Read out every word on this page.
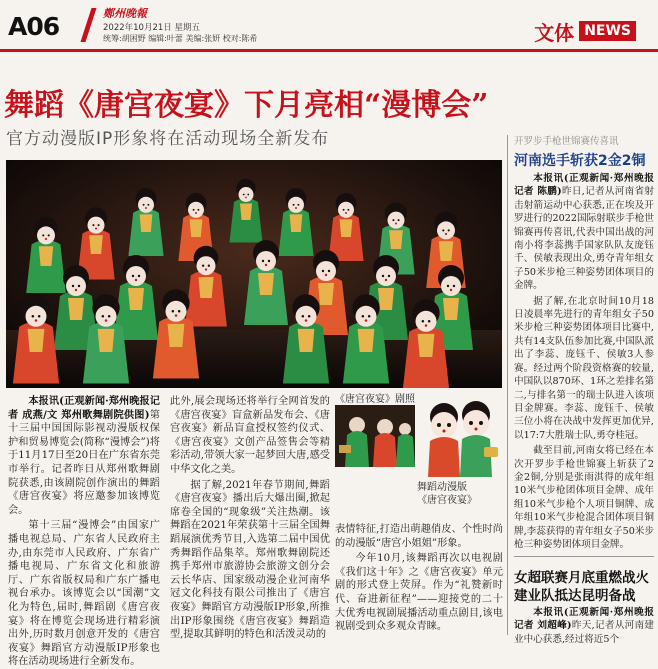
A06	鄭州晚報
2022年10月21日 星期五
统筹:胡困野 编辑:叶蕾 美编:张妍 校对:陈希	文体 NEWS
舞蹈《唐宫夜宴》下月亮相“漫博会”
官方动漫版IP形象将在活动现场全新发布

本报讯(正观新闻·郑州晚报记者 成燕/文 郑州歌舞剧院供图)第十三届中国国际影视动漫版权保护和贸易博览会(简称“漫博会”)将于11月17日至20日在广东省东莞市举行。记者昨日从郑州歌舞剧院获悉,由该剧院创作演出的舞蹈《唐宫夜宴》将应邀参加该博览会。

第十三届“漫博会”由国家广播电视总局、广东省人民政府主办,由东莞市人民政府、广东省广播电视局、广东省文化和旅游厅、广东省版权局和广东广播电视台承办。该博览会以“国潮”文化为特色,届时,舞蹈剧《唐宫夜宴》将在博览会现场进行精彩演出外,历时数月创意开发的《唐宫夜宴》舞蹈官方动漫版IP形象也将在活动现场进行全新发布。

此外,展会现场还将举行全网首发的《唐宫夜宴》盲盒新品发布会、《唐宫夜宴》新品盲盒授权签约仪式、《唐宫夜宴》文创产品签售会等精彩活动,带领大家一起梦回大唐,感受中华文化之美。

据了解,2021年春节期间,舞蹈《唐宫夜宴》播出后大爆出圈,掀起席卷全国的“现象级”关注热潮。该舞蹈在2021年荣获第十三届全国舞蹈展演优秀节目,入选第二届中国优秀舞蹈作品集萃。郑州歌舞剧院还携手郑州市旅游协会旅游文创分会云长华店、国家级动漫企业河南华冠文化科技有限公司推出了《唐宫夜宴》舞蹈官方动漫版IP形象,所推出IP形象围绕《唐宫夜宴》舞蹈造型,提取其鲜明的特色和活泼灵动的

《唐宫夜宴》剧照
舞蹈动漫版
《唐宫夜宴》

表情特征,打造出萌趣俏皮、个性时尚的动漫版“唐宫小姐姐”形象。

今年10月,该舞蹈再次以电视剧《我们这十年》之《唐宫夜宴》单元剧的形式登上荧屏。作为“礼赞新时代、奋进新征程”——迎接党的二十大优秀电视剧展播活动重点剧目,该电视剧受到众多观众青睐。

开罗步手枪世锦赛传喜讯
河南选手斩获2金2铜

本报讯(正观新闻·郑州晚报记者 陈鹏)昨日,记者从河南省射击射箭运动中心获悉,正在埃及开罗进行的2022国际射联步手枪世锦赛再传喜讯,代表中国出战的河南小将李蕊携手国家队队友庞钰千、侯敏表现出众,勇夺青年组女子50米步枪三种姿势团体项目的金牌。

据了解,在北京时间10月18日凌晨率先进行的青年组女子50米步枪三种姿势团体项目比赛中,共有14支队伍参加比赛,中国队派出了李蕊、庞钰千、侯敏3人参赛。经过两个阶段资格赛的较量,中国队以870环、1环之差排名第二,与排名第一的瑞士队进入该项目金牌赛。李蕊、庞钰千、侯敏三位小将在决战中发挥更加优异,以17:7大胜瑞士队,勇夺桂冠。

截至目前,河南女将已经在本次开罗步手枪世锦赛上斩获了2金2铜,分别是张雨淇得的成年组10米气步枪团体项目金牌、成年组10米气步枪个人项目铜牌、成年组10米气步枪混合团体项目铜牌,李蕊获得的青年组女子50米步枪三种姿势团体项目金牌。

女超联赛月底重燃战火
建业队抵达昆明备战

本报讯(正观新闻·郑州晚报记者 刘超峰)昨天,记者从河南建业中心获悉,经过将近5个
